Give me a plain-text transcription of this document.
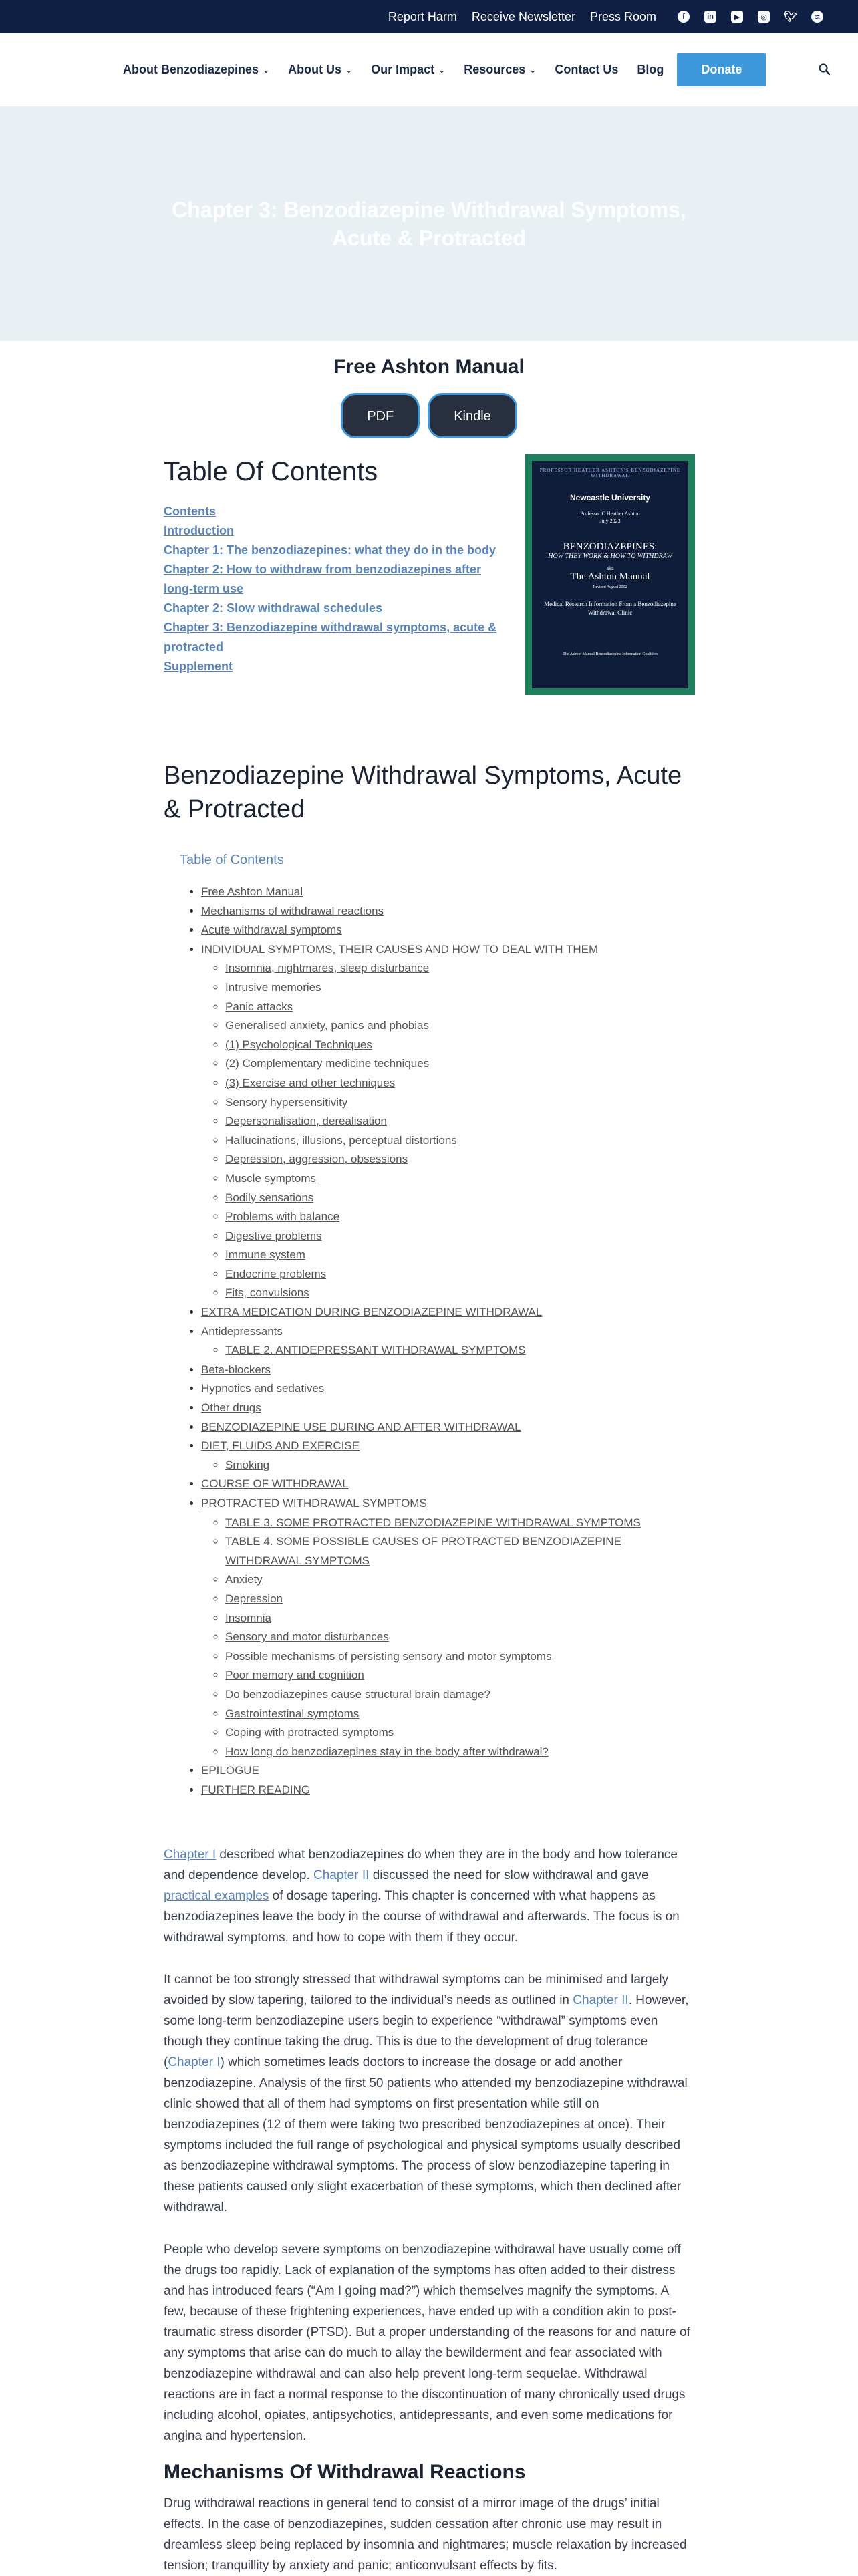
Report Harm Receive Newsletter Press Room	f	in	▶	◎ 🐦︎	≋
About Benzodiazepines ⌄ About Us ⌄ Our Impact ⌄ Resources ⌄ Contact Us Blog	Donate
Chapter 3: Benzodiazepine Withdrawal Symptoms, Acute & Protracted
Free Ashton Manual
PDF	Kindle
Table Of Contents
Contents
Introduction
Chapter 1: The benzodiazepines: what they do in the body
Chapter 2: How to withdraw from benzodiazepines after long-term use
Chapter 2: Slow withdrawal schedules
Chapter 3: Benzodiazepine withdrawal symptoms, acute & protracted
Supplement
PROFESSOR HEATHER ASHTON'S BENZODIAZEPINE WITHDRAWAL
Newcastle University
Professor C Heather Ashton
July 2023
BENZODIAZEPINES:
HOW THEY WORK & HOW TO WITHDRAW
aka
The Ashton Manual
Revised August 2002
Medical Research Information From a Benzodiazepine Withdrawal Clinic
The Ashton Manual Benzodiazepine Information Coalition
Benzodiazepine Withdrawal Symptoms, Acute & Protracted
Table of Contents
• Free Ashton Manual
• Mechanisms of withdrawal reactions
• Acute withdrawal symptoms
• INDIVIDUAL SYMPTOMS, THEIR CAUSES AND HOW TO DEAL WITH THEM
◦ Insomnia, nightmares, sleep disturbance
◦ Intrusive memories
◦ Panic attacks
◦ Generalised anxiety, panics and phobias
◦ (1) Psychological Techniques
◦ (2) Complementary medicine techniques
◦ (3) Exercise and other techniques
◦ Sensory hypersensitivity
◦ Depersonalisation, derealisation
◦ Hallucinations, illusions, perceptual distortions
◦ Depression, aggression, obsessions
◦ Muscle symptoms
◦ Bodily sensations
◦ Problems with balance
◦ Digestive problems
◦ Immune system
◦ Endocrine problems
◦ Fits, convulsions
• EXTRA MEDICATION DURING BENZODIAZEPINE WITHDRAWAL
• Antidepressants
◦ TABLE 2. ANTIDEPRESSANT WITHDRAWAL SYMPTOMS
• Beta-blockers
• Hypnotics and sedatives
• Other drugs
• BENZODIAZEPINE USE DURING AND AFTER WITHDRAWAL
• DIET, FLUIDS AND EXERCISE
◦ Smoking
• COURSE OF WITHDRAWAL
• PROTRACTED WITHDRAWAL SYMPTOMS
◦ TABLE 3. SOME PROTRACTED BENZODIAZEPINE WITHDRAWAL SYMPTOMS
◦ TABLE 4. SOME POSSIBLE CAUSES OF PROTRACTED BENZODIAZEPINE WITHDRAWAL SYMPTOMS
◦ Anxiety
◦ Depression
◦ Insomnia
◦ Sensory and motor disturbances
◦ Possible mechanisms of persisting sensory and motor symptoms
◦ Poor memory and cognition
◦ Do benzodiazepines cause structural brain damage?
◦ Gastrointestinal symptoms
◦ Coping with protracted symptoms
◦ How long do benzodiazepines stay in the body after withdrawal?
• EPILOGUE
• FURTHER READING

Chapter I described what benzodiazepines do when they are in the body and how tolerance and dependence develop. Chapter II discussed the need for slow withdrawal and gave practical examples of dosage tapering. This chapter is concerned with what happens as benzodiazepines leave the body in the course of withdrawal and afterwards. The focus is on withdrawal symptoms, and how to cope with them if they occur.

It cannot be too strongly stressed that withdrawal symptoms can be minimised and largely avoided by slow tapering, tailored to the individual’s needs as outlined in Chapter II. However, some long-term benzodiazepine users begin to experience “withdrawal” symptoms even though they continue taking the drug. This is due to the development of drug tolerance (Chapter I) which sometimes leads doctors to increase the dosage or add another benzodiazepine. Analysis of the first 50 patients who attended my benzodiazepine withdrawal clinic showed that all of them had symptoms on first presentation while still on benzodiazepines (12 of them were taking two prescribed benzodiazepines at once). Their symptoms included the full range of psychological and physical symptoms usually described as benzodiazepine withdrawal symptoms. The process of slow benzodiazepine tapering in these patients caused only slight exacerbation of these symptoms, which then declined after withdrawal.

People who develop severe symptoms on benzodiazepine withdrawal have usually come off the drugs too rapidly. Lack of explanation of the symptoms has often added to their distress and has introduced fears (“Am I going mad?”) which themselves magnify the symptoms. A few, because of these frightening experiences, have ended up with a condition akin to post-traumatic stress disorder (PTSD). But a proper understanding of the reasons for and nature of any symptoms that arise can do much to allay the bewilderment and fear associated with benzodiazepine withdrawal and can also help prevent long-term sequelae. Withdrawal reactions are in fact a normal response to the discontinuation of many chronically used drugs including alcohol, opiates, antipsychotics, antidepressants, and even some medications for angina and hypertension.

Mechanisms Of Withdrawal Reactions

Drug withdrawal reactions in general tend to consist of a mirror image of the drugs’ initial effects. In the case of benzodiazepines, sudden cessation after chronic use may result in dreamless sleep being replaced by insomnia and nightmares; muscle relaxation by increased tension; tranquillity by anxiety and panic; anticonvulsant effects by fits.
